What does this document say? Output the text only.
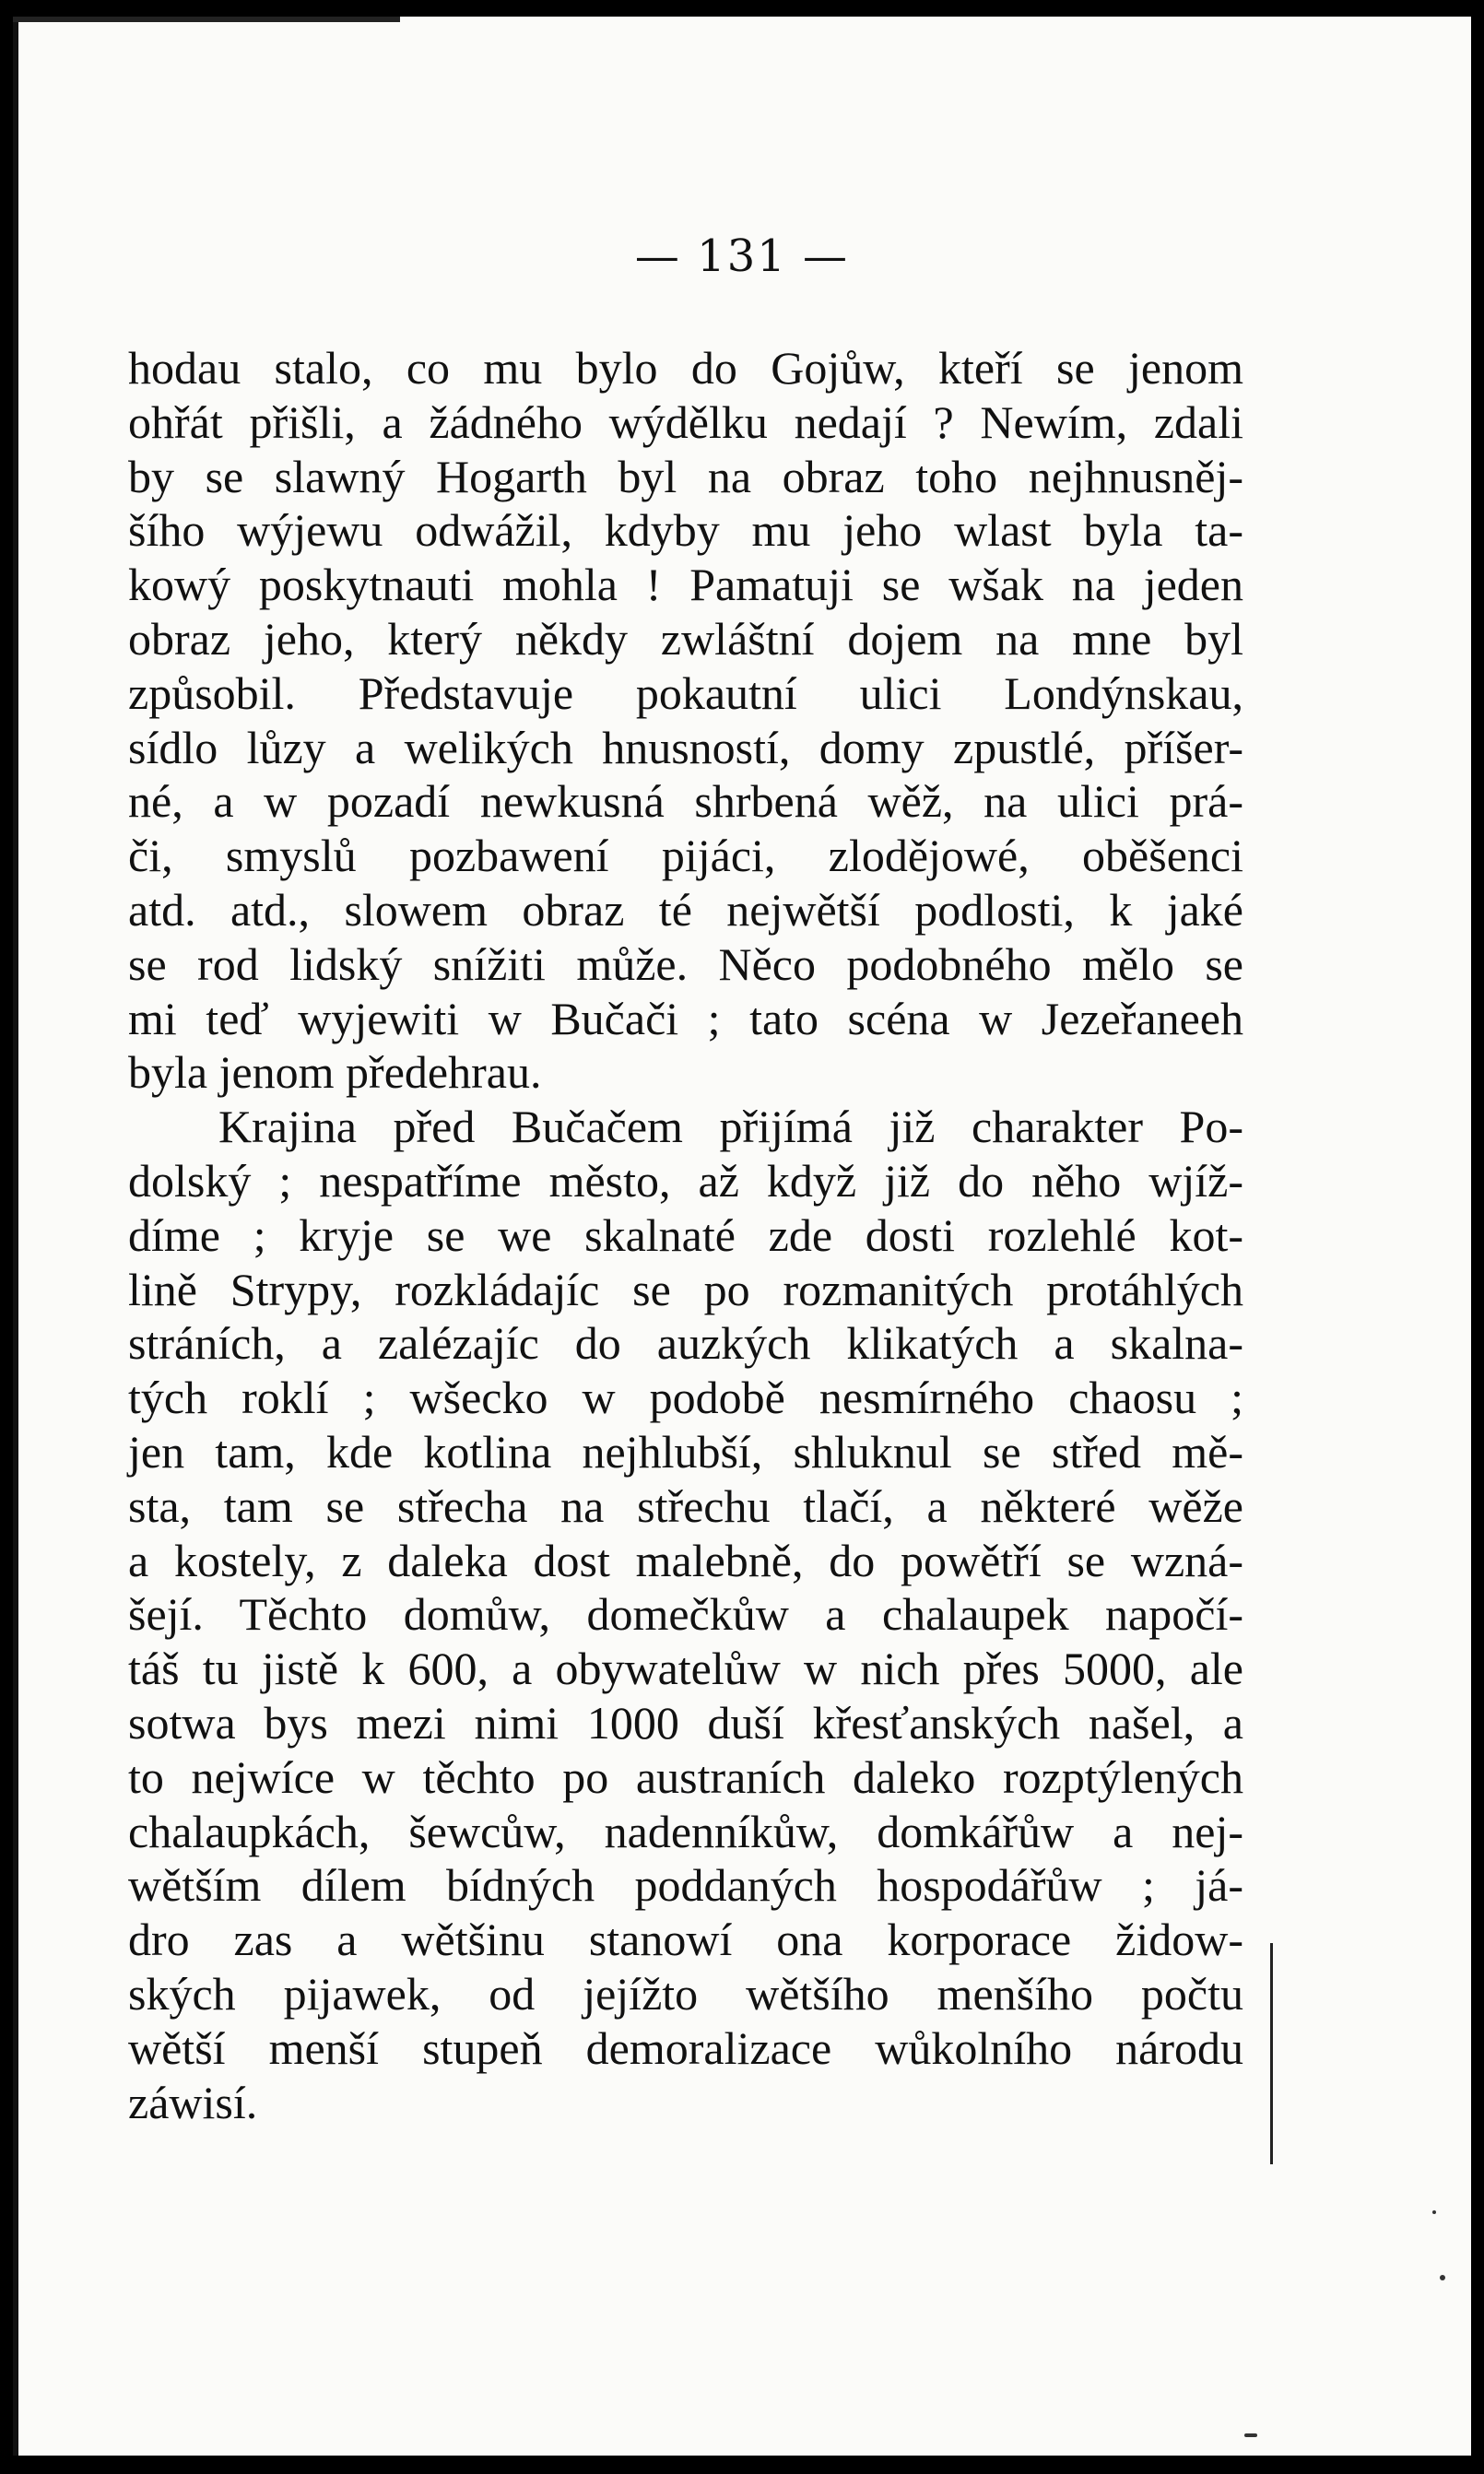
— 131 —
hodau stalo, co mu bylo do Gojůw, kteří se jenom
ohřát přišli, a žádného wýdělku nedají ? Newím, zdali
by se slawný Hogarth byl na obraz toho nejhnusněj-
šího wýjewu odwážil, kdyby mu jeho wlast byla ta-
kowý poskytnauti mohla ! Pamatuji se wšak na jeden
obraz jeho, který někdy zwláštní dojem na mne byl
způsobil. Představuje pokautní ulici Londýnskau,
sídlo lůzy a welikých hnusností, domy zpustlé, příšer-
né, a w pozadí newkusná shrbená wěž, na ulici prá-
či, smyslů pozbawení pijáci, zlodějowé, oběšenci
atd. atd., slowem obraz té nejwětší podlosti, k jaké
se rod lidský snížiti může. Něco podobného mělo se
mi teď wyjewiti w Bučači ; tato scéna w Jezeřaneeh
byla jenom předehrau.
Krajina před Bučačem přijímá již charakter Po-
dolský ; nespatříme město, až když již do něho wjíž-
díme ; kryje se we skalnaté zde dosti rozlehlé kot-
lině Strypy, rozkládajíc se po rozmanitých protáhlých
stráních, a zalézajíc do auzkých klikatých a skalna-
tých roklí ; wšecko w podobě nesmírného chaosu ;
jen tam, kde kotlina nejhlubší, shluknul se střed mě-
sta, tam se střecha na střechu tlačí, a některé wěže
a kostely, z daleka dost malebně, do powětří se wzná-
šejí. Těchto domůw, domečkůw a chalaupek napočí-
táš tu jistě k 600, a obywatelůw w nich přes 5000, ale
sotwa bys mezi nimi 1000 duší křesťanských našel, a
to nejwíce w těchto po austraních daleko rozptýlených
chalaupkách, šewcůw, nadenníkůw, domkářůw a nej-
wětším dílem bídných poddaných hospodářůw ; já-
dro zas a wětšinu stanowí ona korporace židow-
ských pijawek, od jejížto wětšího menšího počtu
wětší menší stupeň demoralizace wůkolního národu
záwisí.
